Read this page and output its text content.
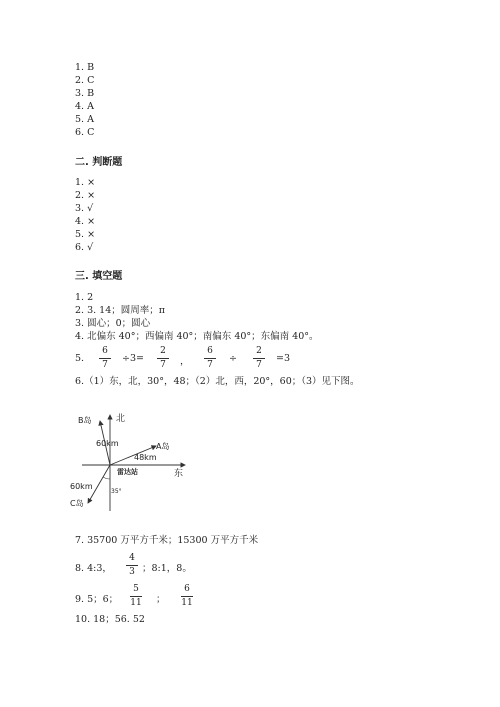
1. B
2. C
3. B
4. A
5. A
6. C
二. 判断题
1. ×
2. ×
3. √
4. ×
5. ×
6. √
三. 填空题
1. 2
2. 3. 14；圆周率；π
3. 圆心；0；圆心
4. 北偏东 40°；西偏南 40°；南偏东 40°；东偏南 40°。
5.
6
7
÷3=
2
7	，
6
7
÷
2
7
=3
6.（1）东，北，30°，48；（2）北，西，20°，60；（3）见下图。
北
东
B岛
60km	A岛
48km
雷达站
60km
35°
C岛
7. 35700 万平方千米；15300 万平方千米
8. 4:3，
4
3 ；8:1，8。
9. 5；6；
5
11 ；
6
11
10. 18；56. 52
